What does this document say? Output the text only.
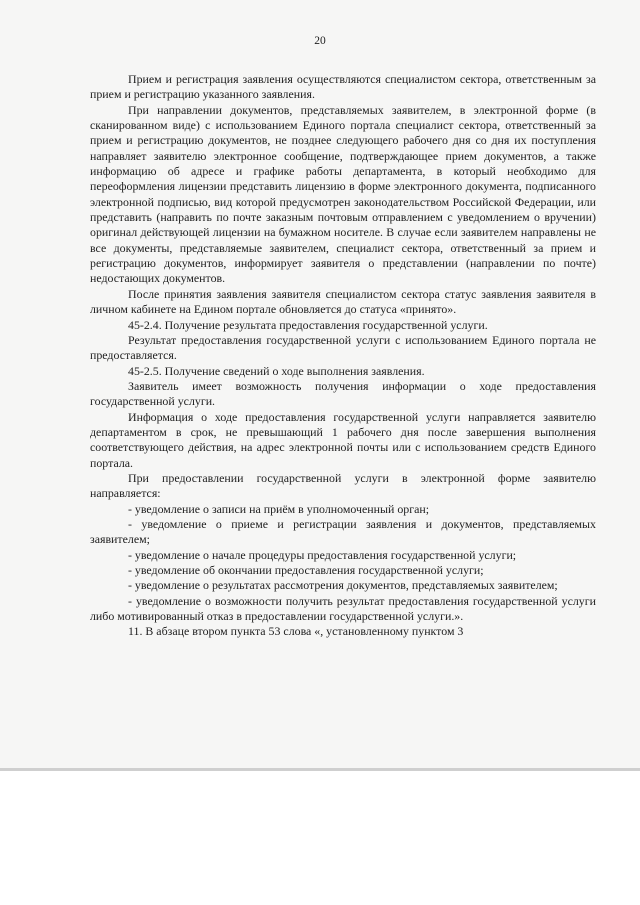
20

Прием и регистрация заявления осуществляются специалистом сектора, ответственным за прием и регистрацию указанного заявления.

При направлении документов, представляемых заявителем, в электронной форме (в сканированном виде) с использованием Единого портала специалист сектора, ответственный за прием и регистрацию документов, не позднее следующего рабочего дня со дня их поступления направляет заявителю электронное сообщение, подтверждающее прием документов, а также информацию об адресе и графике работы департамента, в который необходимо для переоформления лицензии представить лицензию в форме электронного документа, подписанного электронной подписью, вид которой предусмотрен законодательством Российской Федерации, или представить (направить по почте заказным почтовым отправлением с уведомлением о вручении) оригинал действующей лицензии на бумажном носителе. В случае если заявителем направлены не все документы, представляемые заявителем, специалист сектора, ответственный за прием и регистрацию документов, информирует заявителя о представлении (направлении по почте) недостающих документов.

После принятия заявления заявителя специалистом сектора статус заявления заявителя в личном кабинете на Едином портале обновляется до статуса «принято».

45-2.4. Получение результата предоставления государственной услуги.

Результат предоставления государственной услуги с использованием Единого портала не предоставляется.

45-2.5. Получение сведений о ходе выполнения заявления.

Заявитель имеет возможность получения информации о ходе предоставления государственной услуги.

Информация о ходе предоставления государственной услуги направляется заявителю департаментом в срок, не превышающий 1 рабочего дня после завершения выполнения соответствующего действия, на адрес электронной почты или с использованием средств Единого портала.

При предоставлении государственной услуги в электронной форме заявителю направляется:

- уведомление о записи на приём в уполномоченный орган;

- уведомление о приеме и регистрации заявления и документов, представляемых заявителем;

- уведомление о начале процедуры предоставления государственной услуги;

- уведомление об окончании предоставления государственной услуги;

- уведомление о результатах рассмотрения документов, представляемых заявителем;

- уведомление о возможности получить результат предоставления государственной услуги либо мотивированный отказ в предоставлении государственной услуги.».

11. В абзаце втором пункта 53 слова «, установленному пунктом 3
